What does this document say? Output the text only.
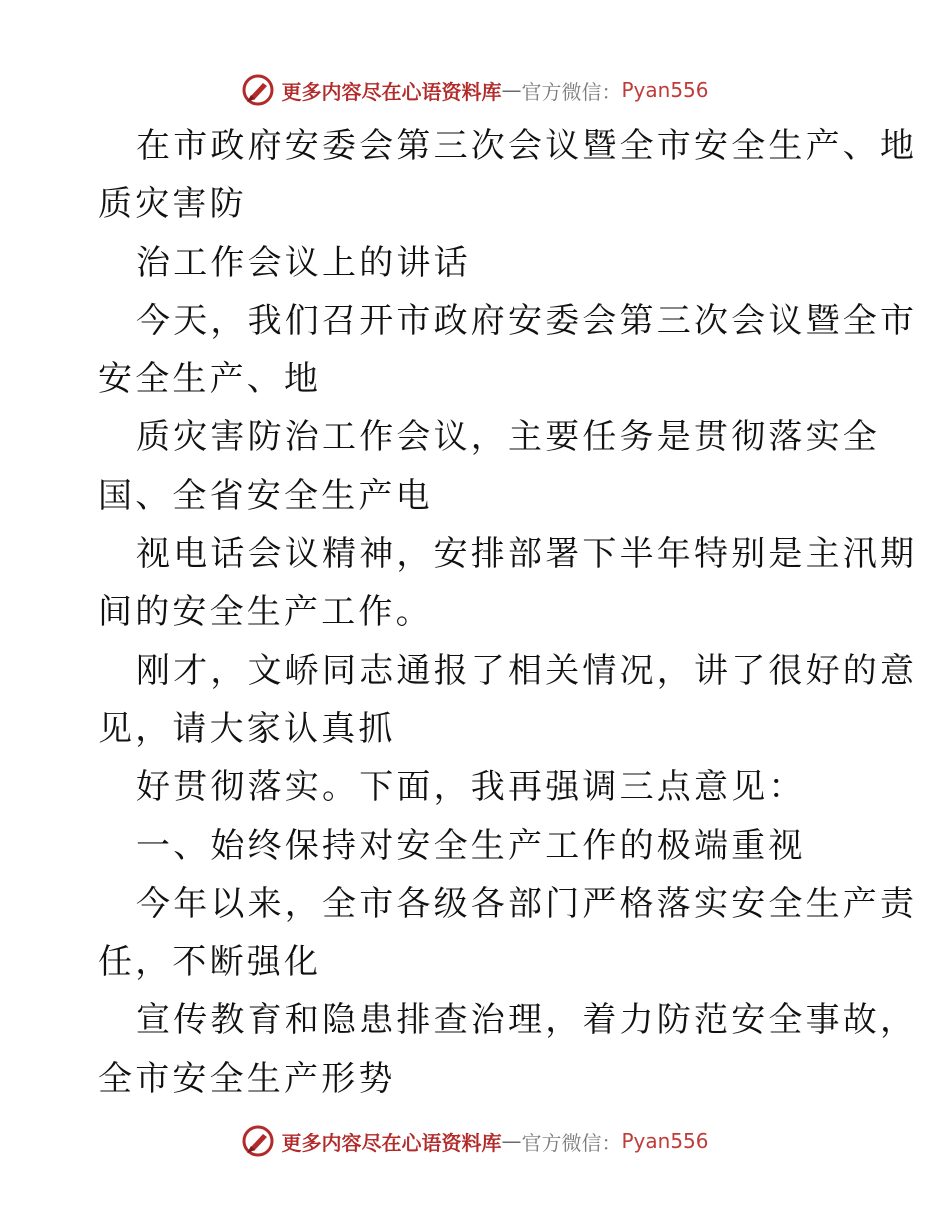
更多内容尽在心语资料库 — 官方微信： Pyan556
在市政府安委会第三次会议暨全市安全生产、地
质灾害防
治工作会议上的讲话
今天，我们召开市政府安委会第三次会议暨全市
安全生产、地
质灾害防治工作会议，主要任务是贯彻落实全
国、全省安全生产电
视电话会议精神，安排部署下半年特别是主汛期
间的安全生产工作。
刚才，文峤同志通报了相关情况，讲了很好的意
见，请大家认真抓
好贯彻落实。下面，我再强调三点意见：
一、始终保持对安全生产工作的极端重视
今年以来，全市各级各部门严格落实安全生产责
任，不断强化
宣传教育和隐患排查治理，着力防范安全事故，
全市安全生产形势
更多内容尽在心语资料库 — 官方微信： Pyan556
